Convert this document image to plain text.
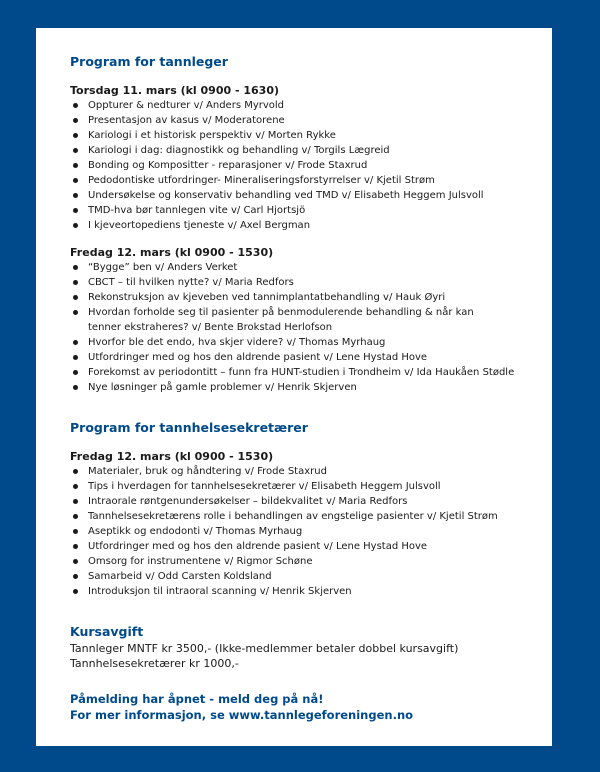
Program for tannleger
Torsdag 11. mars (kl 0900 - 1630)
Oppturer & nedturer v/ Anders Myrvold
Presentasjon av kasus v/ Moderatorene
Kariologi i et historisk perspektiv v/ Morten Rykke
Kariologi i dag: diagnostikk og behandling v/ Torgils Lægreid
Bonding og Kompositter - reparasjoner v/ Frode Staxrud
Pedodontiske utfordringer- Mineraliseringsforstyrrelser v/ Kjetil Strøm
Undersøkelse og konservativ behandling ved TMD v/ Elisabeth Heggem Julsvoll
TMD-hva bør tannlegen vite v/ Carl Hjortsjö
I kjeveortopediens tjeneste v/ Axel Bergman
Fredag 12. mars (kl 0900 - 1530)
“Bygge” ben v/ Anders Verket
CBCT – til hvilken nytte? v/ Maria Redfors
Rekonstruksjon av kjeveben ved tannimplantatbehandling v/ Hauk Øyri
Hvordan forholde seg til pasienter på benmodulerende behandling & når kan tenner ekstraheres? v/ Bente Brokstad Herlofson
Hvorfor ble det endo, hva skjer videre? v/ Thomas Myrhaug
Utfordringer med og hos den aldrende pasient v/ Lene Hystad Hove
Forekomst av periodontitt – funn fra HUNT-studien i Trondheim v/ Ida Haukåen Stødle
Nye løsninger på gamle problemer v/ Henrik Skjerven
Program for tannhelsesekretærer
Fredag 12. mars (kl 0900 - 1530)
Materialer, bruk og håndtering v/ Frode Staxrud
Tips i hverdagen for tannhelsesekretærer v/ Elisabeth Heggem Julsvoll
Intraorale røntgenundersøkelser – bildekvalitet v/ Maria Redfors
Tannhelsesekretærens rolle i behandlingen av engstelige pasienter v/ Kjetil Strøm
Aseptikk og endodonti v/ Thomas Myrhaug
Utfordringer med og hos den aldrende pasient v/ Lene Hystad Hove
Omsorg for instrumentene v/ Rigmor Schøne
Samarbeid v/ Odd Carsten Koldsland
Introduksjon til intraoral scanning v/ Henrik Skjerven
Kursavgift
Tannleger MNTF kr 3500,- (Ikke-medlemmer betaler dobbel kursavgift)
Tannhelsesekretærer kr 1000,-
Påmelding har åpnet - meld deg på nå!
For mer informasjon, se www.tannlegeforeningen.no
